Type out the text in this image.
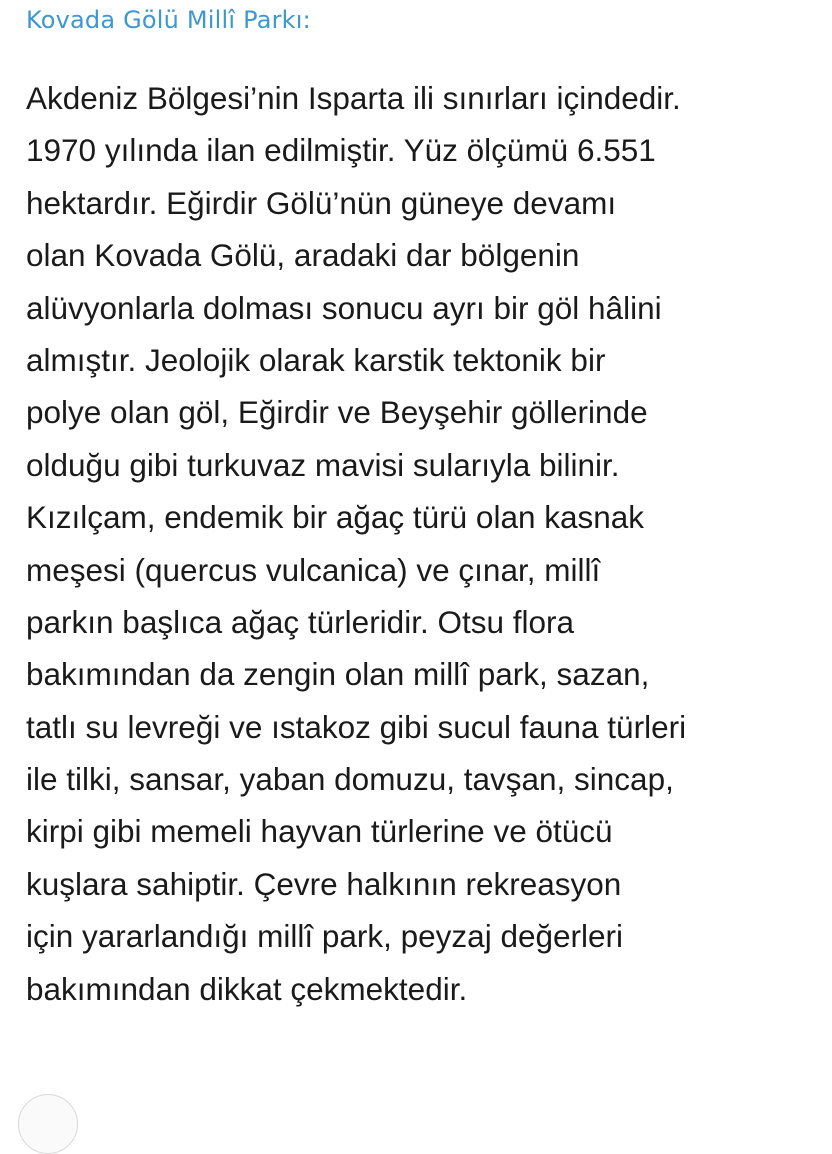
Kovada Gölü Millî Parkı:
Akdeniz Bölgesi’nin Isparta ili sınırları içindedir.
1970 yılında ilan edilmiştir. Yüz ölçümü 6.551
hektardır. Eğirdir Gölü’nün güneye devamı
olan Kovada Gölü, aradaki dar bölgenin
alüvyonlarla dolması sonucu ayrı bir göl hâlini
almıştır. Jeolojik olarak karstik tektonik bir
polye olan göl, Eğirdir ve Beyşehir göllerinde
olduğu gibi turkuvaz mavisi sularıyla bilinir.
Kızılçam, endemik bir ağaç türü olan kasnak
meşesi (quercus vulcanica) ve çınar, millî
parkın başlıca ağaç türleridir. Otsu flora
bakımından da zengin olan millî park, sazan,
tatlı su levreği ve ıstakoz gibi sucul fauna türleri
ile tilki, sansar, yaban domuzu, tavşan, sincap,
kirpi gibi memeli hayvan türlerine ve ötücü
kuşlara sahiptir. Çevre halkının rekreasyon
için yararlandığı millî park, peyzaj değerleri
bakımından dikkat çekmektedir.
